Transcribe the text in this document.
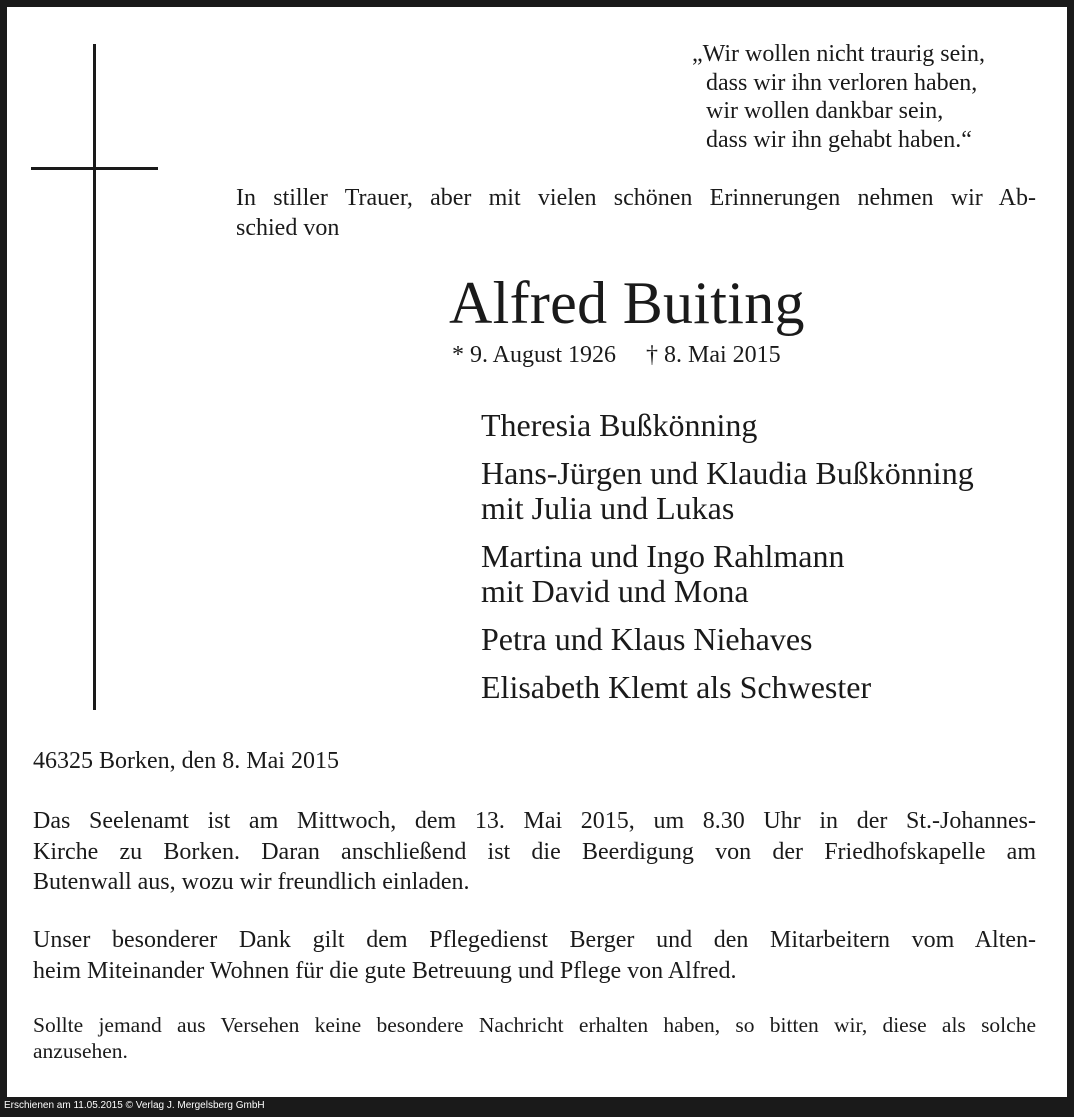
„Wir wollen nicht traurig sein,
dass wir ihn verloren haben,
wir wollen dankbar sein,
dass wir ihn gehabt haben.“
In stiller Trauer, aber mit vielen schönen Erinnerungen nehmen wir Ab-
schied von
Alfred Buiting
* 9. August 1926 † 8. Mai 2015
Theresia Bußkönning
Hans-Jürgen und Klaudia Bußkönning
mit Julia und Lukas
Martina und Ingo Rahlmann
mit David und Mona
Petra und Klaus Niehaves
Elisabeth Klemt als Schwester
46325 Borken, den 8. Mai 2015
Das Seelenamt ist am Mittwoch, dem 13. Mai 2015, um 8.30 Uhr in der St.-Johannes-
Kirche zu Borken. Daran anschließend ist die Beerdigung von der Friedhofskapelle am
Butenwall aus, wozu wir freundlich einladen.
Unser besonderer Dank gilt dem Pflegedienst Berger und den Mitarbeitern vom Alten-
heim Miteinander Wohnen für die gute Betreuung und Pflege von Alfred.
Sollte jemand aus Versehen keine besondere Nachricht erhalten haben, so bitten wir, diese als solche
anzusehen.
Erschienen am 11.05.2015 © Verlag J. Mergelsberg GmbH
